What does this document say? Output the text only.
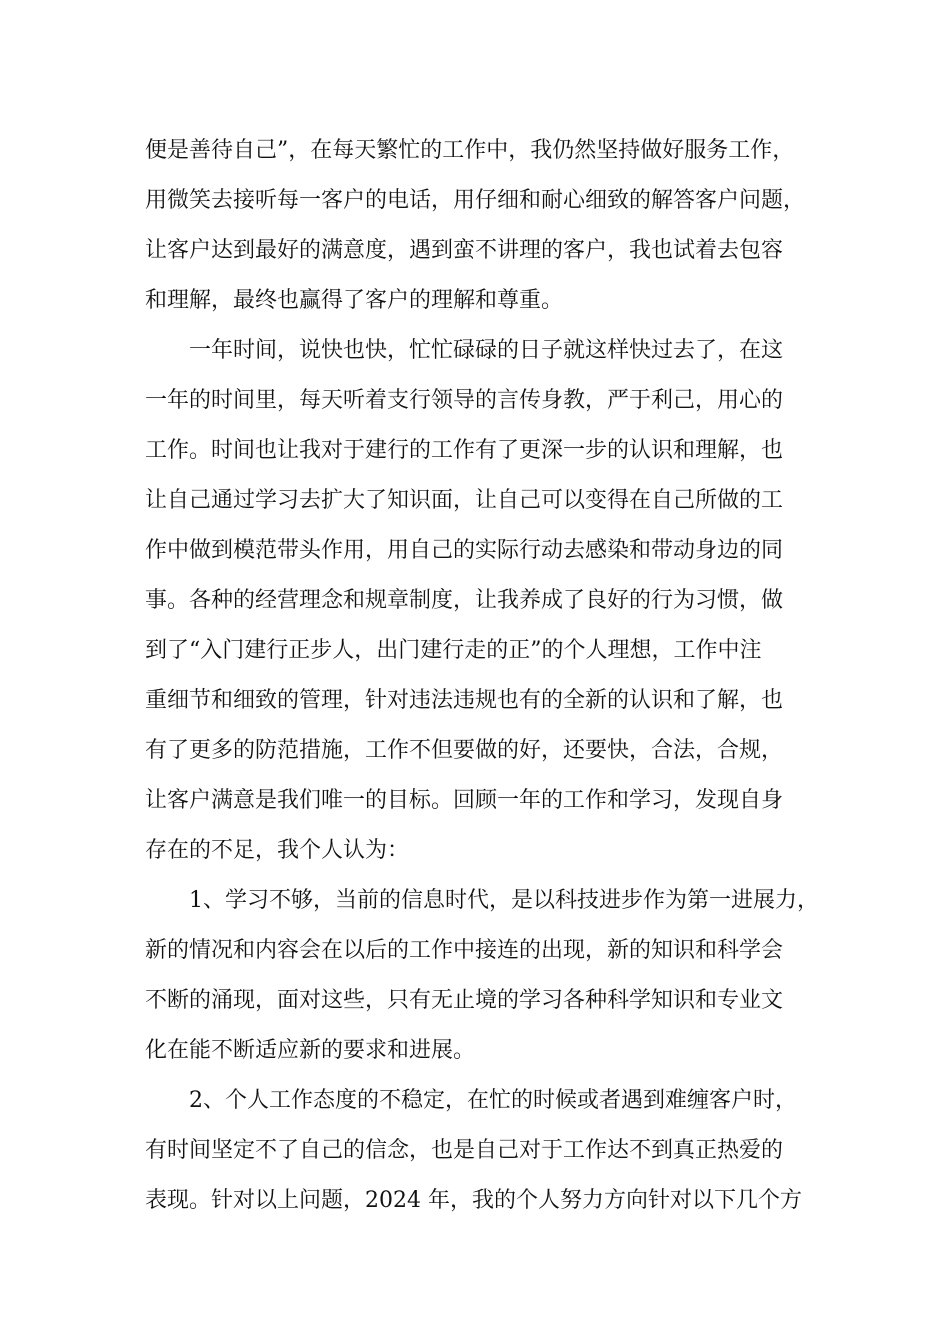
便是善待自己”，在每天繁忙的工作中，我仍然坚持做好服务工作，
用微笑去接听每一客户的电话，用仔细和耐心细致的解答客户问题，
让客户达到最好的满意度，遇到蛮不讲理的客户，我也试着去包容
和理解，最终也赢得了客户的理解和尊重。
一年时间，说快也快，忙忙碌碌的日子就这样快过去了，在这
一年的时间里，每天听着支行领导的言传身教，严于利己，用心的
工作。时间也让我对于建行的工作有了更深一步的认识和理解，也
让自己通过学习去扩大了知识面，让自己可以变得在自己所做的工
作中做到模范带头作用，用自己的实际行动去感染和带动身边的同
事。各种的经营理念和规章制度，让我养成了良好的行为习惯，做
到了“入门建行正步人，出门建行走的正”的个人理想，工作中注
重细节和细致的管理，针对违法违规也有的全新的认识和了解，也
有了更多的防范措施，工作不但要做的好，还要快，合法，合规，
让客户满意是我们唯一的目标。回顾一年的工作和学习，发现自身
存在的不足，我个人认为：
1、学习不够，当前的信息时代，是以科技进步作为第一进展力，
新的情况和内容会在以后的工作中接连的出现，新的知识和科学会
不断的涌现，面对这些，只有无止境的学习各种科学知识和专业文
化在能不断适应新的要求和进展。
2、个人工作态度的不稳定，在忙的时候或者遇到难缠客户时，
有时间坚定不了自己的信念，也是自己对于工作达不到真正热爱的
表现。针对以上问题，2024 年，我的个人努力方向针对以下几个方
